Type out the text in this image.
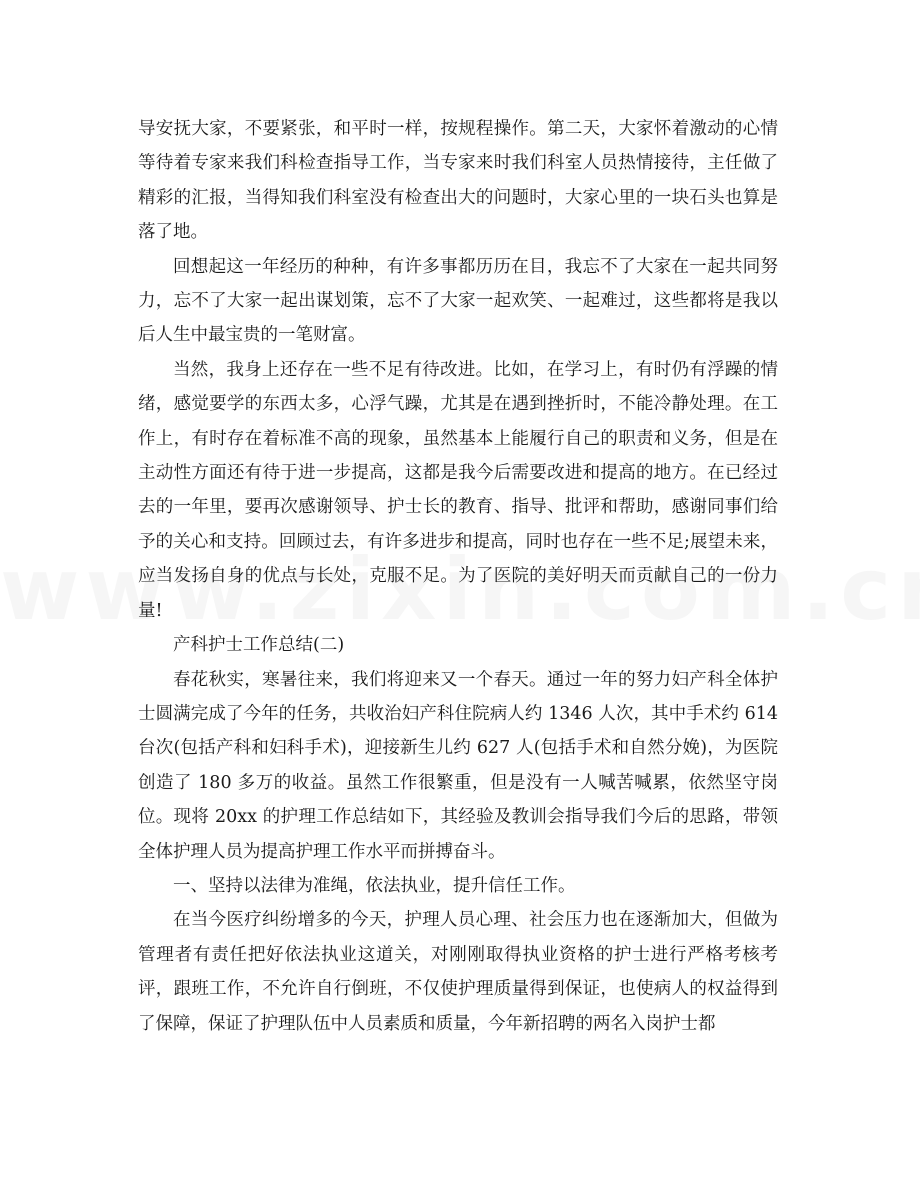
导安抚大家，不要紧张，和平时一样，按规程操作。第二天，大家怀着激动的心情等待着专家来我们科检查指导工作，当专家来时我们科室人员热情接待，主任做了精彩的汇报，当得知我们科室没有检查出大的问题时，大家心里的一块石头也算是落了地。

回想起这一年经历的种种，有许多事都历历在目，我忘不了大家在一起共同努力，忘不了大家一起出谋划策，忘不了大家一起欢笑、一起难过，这些都将是我以后人生中最宝贵的一笔财富。

当然，我身上还存在一些不足有待改进。比如，在学习上，有时仍有浮躁的情绪，感觉要学的东西太多，心浮气躁，尤其是在遇到挫折时，不能冷静处理。在工作上，有时存在着标准不高的现象，虽然基本上能履行自己的职责和义务，但是在主动性方面还有待于进一步提高，这都是我今后需要改进和提高的地方。在已经过去的一年里，要再次感谢领导、护士长的教育、指导、批评和帮助，感谢同事们给予的关心和支持。回顾过去，有许多进步和提高，同时也存在一些不足;展望未来，应当发扬自身的优点与长处，克服不足。为了医院的美好明天而贡献自己的一份力量!

产科护士工作总结(二)

春花秋实，寒暑往来，我们将迎来又一个春天。通过一年的努力妇产科全体护士圆满完成了今年的任务，共收治妇产科住院病人约 1346 人次，其中手术约 614 台次(包括产科和妇科手术)，迎接新生儿约 627 人(包括手术和自然分娩)，为医院创造了 180 多万的收益。虽然工作很繁重，但是没有一人喊苦喊累，依然坚守岗位。现将 20xx 的护理工作总结如下，其经验及教训会指导我们今后的思路，带领全体护理人员为提高护理工作水平而拼搏奋斗。

一、坚持以法律为准绳，依法执业，提升信任工作。

在当今医疗纠纷增多的今天，护理人员心理、社会压力也在逐渐加大，但做为管理者有责任把好依法执业这道关，对刚刚取得执业资格的护士进行严格考核考评，跟班工作，不允许自行倒班，不仅使护理质量得到保证，也使病人的权益得到了保障，保证了护理队伍中人员素质和质量，今年新招聘的两名入岗护士都
